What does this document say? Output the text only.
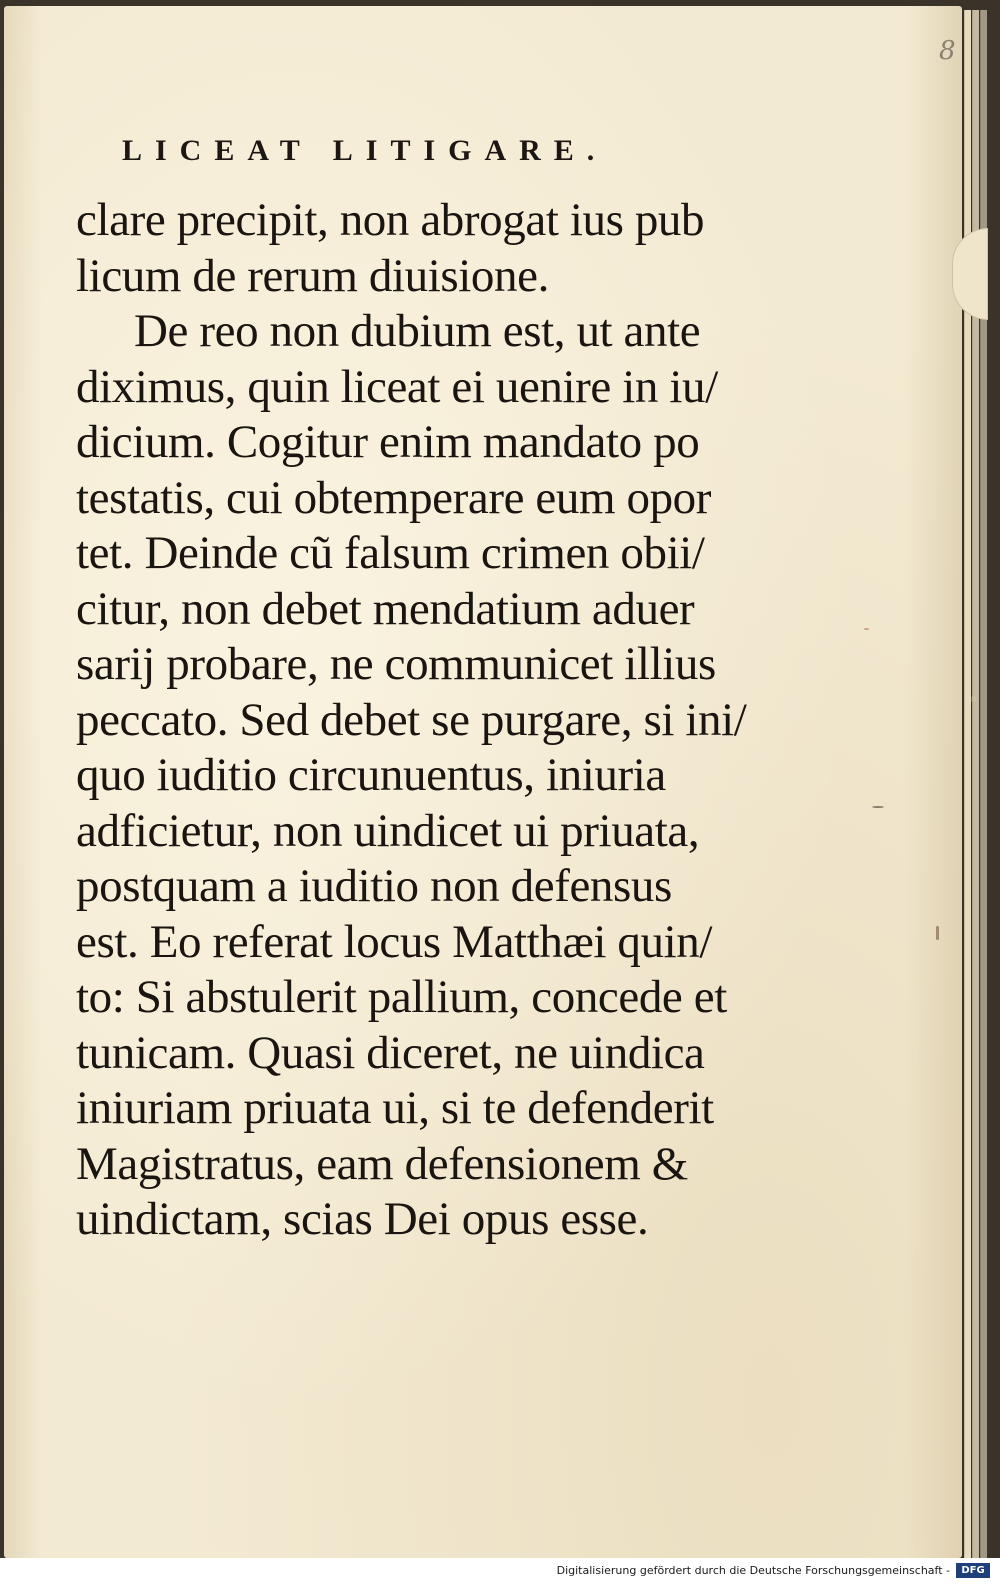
8
LICEAT LITIGARE.
clare precipit, non abrogat ius pub
licum de rerum diuisione.
De reo non dubium est, ut ante
diximus, quin liceat ei uenire in iu/
dicium. Cogitur enim mandato po
testatis, cui obtemperare eum opor
tet. Deinde cũ falsum crimen obii/
citur, non debet mendatium aduer
sarij probare, ne communicet illius
peccato. Sed debet se purgare, si ini/
quo iuditio circunuentus, iniuria
adficietur, non uindicet ui priuata,
postquam a iuditio non defensus
est. Eo referat locus Matthæi quin/
to: Si abstulerit pallium, concede et
tunicam. Quasi diceret, ne uindica
iniuriam priuata ui, si te defenderit
Magistratus, eam defensionem &
uindictam, scias Dei opus esse.
Digitalisierung gefördert durch die Deutsche Forschungsgemeinschaft -	DFG
